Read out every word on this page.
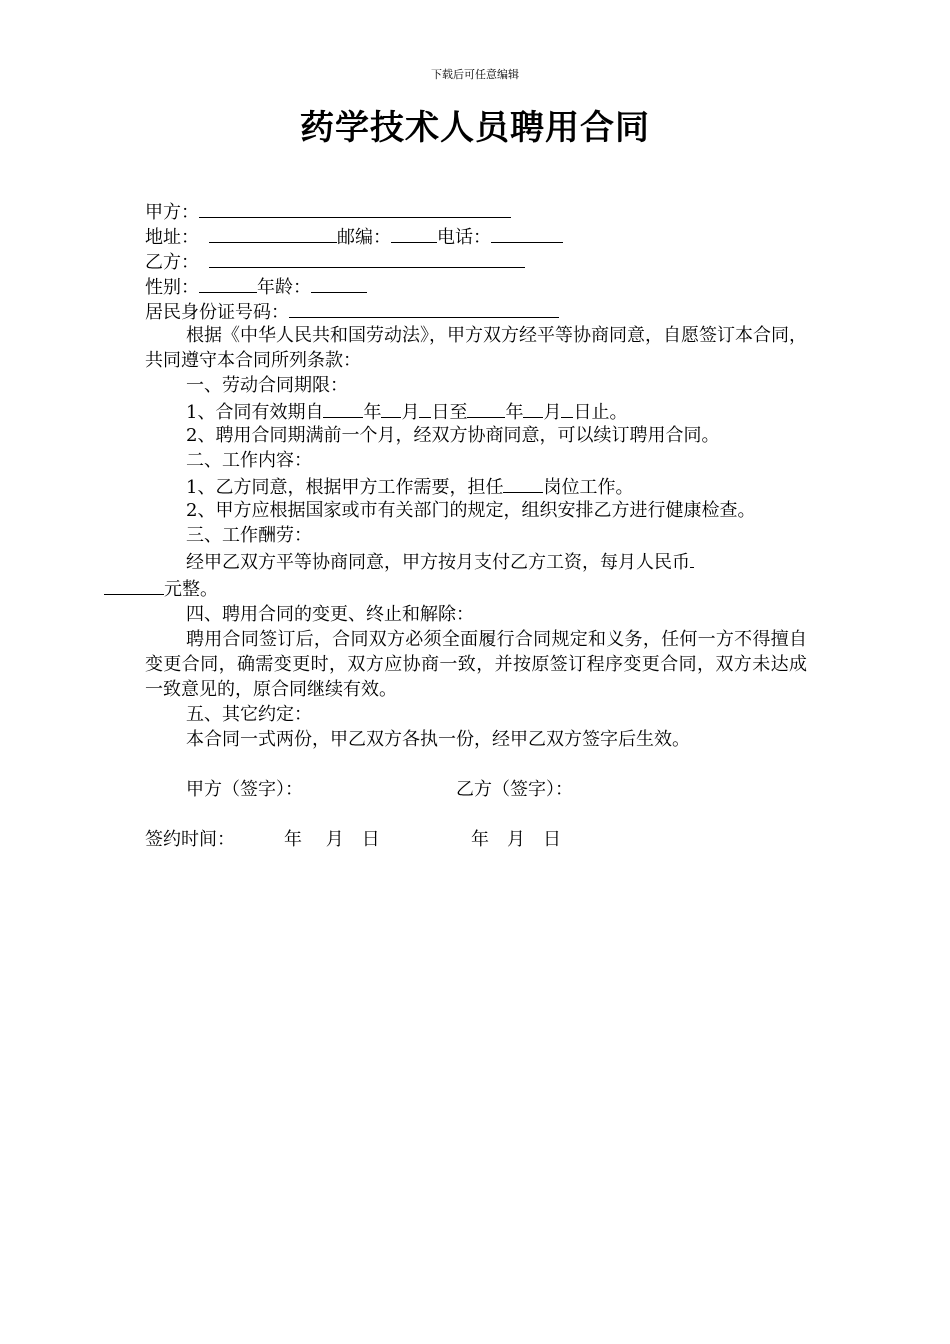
下载后可任意编辑
药学技术人员聘用合同
甲方：
地址：	邮编：	电话：
乙方：
性别：	年龄：
居民身份证号码：
根据《中华人民共和国劳动法》，甲方双方经平等协商同意，自愿签订本合同，共同遵守本合同所列条款：
一、劳动合同期限：
1、合同有效期自 年 月 日至 年 月 日止。
2、聘用合同期满前一个月，经双方协商同意，可以续订聘用合同。
二、工作内容：
1、乙方同意，根据甲方工作需要，担任 岗位工作。
2、甲方应根据国家或市有关部门的规定，组织安排乙方进行健康检查。
三、工作酬劳：
经甲乙双方平等协商同意，甲方按月支付乙方工资，每月人民币
元整。
四、聘用合同的变更、终止和解除：
聘用合同签订后，合同双方必须全面履行合同规定和义务，任何一方不得擅自变更合同，确需变更时，双方应协商一致，并按原签订程序变更合同，双方未达成一致意见的，原合同继续有效。
五、其它约定：
本合同一式两份，甲乙双方各执一份，经甲乙双方签字后生效。
甲方（签字）：	乙方（签字）：
签约时间：	年　 月　日	年　月　日
